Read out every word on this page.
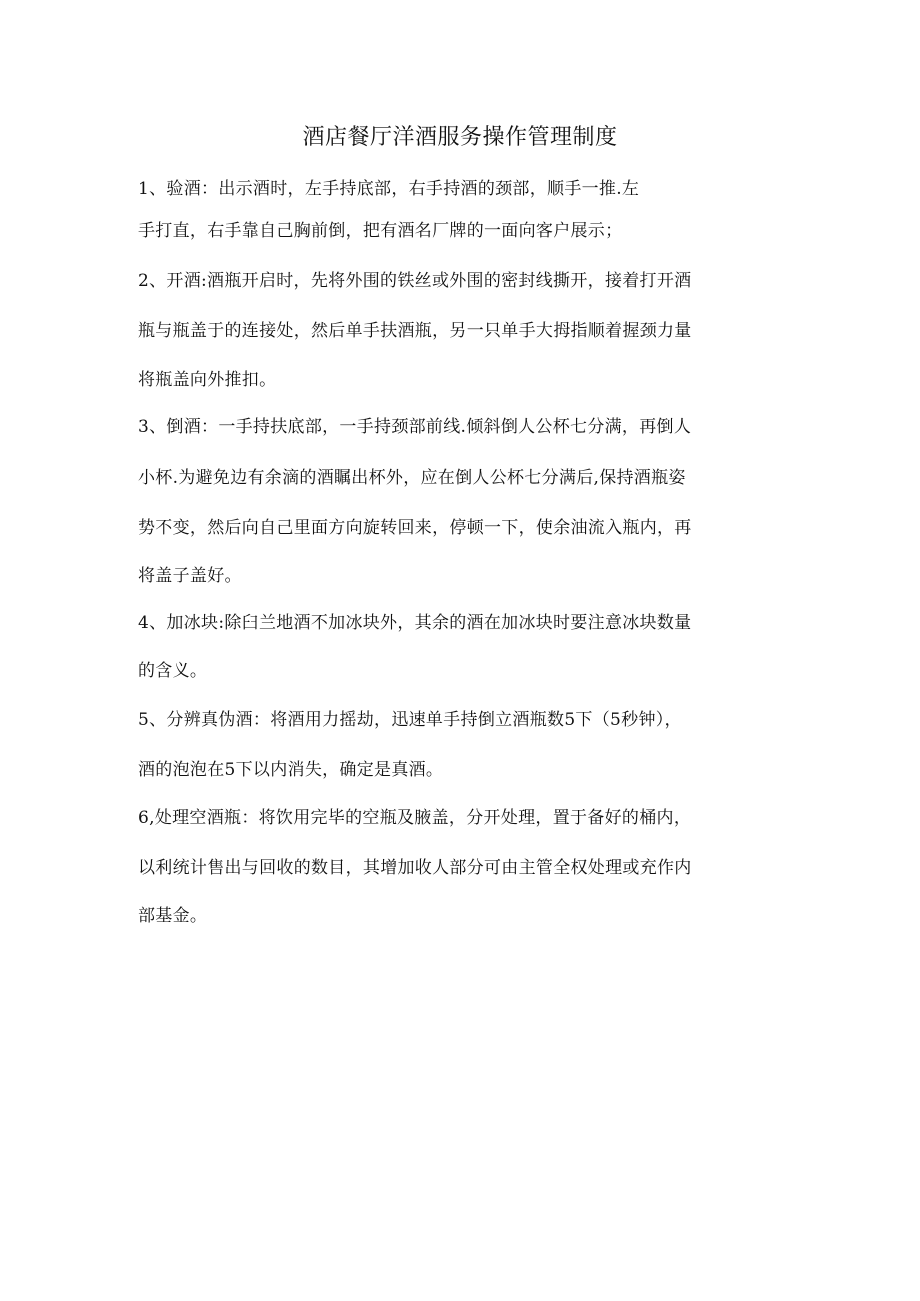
酒店餐厅洋酒服务操作管理制度
1、验酒：出示酒时，左手持底部，右手持酒的颈部，顺手一推.左
手打直，右手靠自己胸前倒，把有酒名厂牌的一面向客户展示；
2、开酒:酒瓶开启时，先将外围的铁丝或外围的密封线撕开，接着打开酒
瓶与瓶盖于的连接处，然后单手扶酒瓶，另一只单手大拇指顺着握颈力量
将瓶盖向外推扣。
3、倒酒：一手持扶底部，一手持颈部前线.倾斜倒人公杯七分满，再倒人
小杯.为避免边有余滴的酒瞩出杯外，应在倒人公杯七分满后,保持酒瓶姿
势不变，然后向自己里面方向旋转回来，停顿一下，使余油流入瓶内，再
将盖子盖好。
4、加冰块:除臼兰地酒不加冰块外，其余的酒在加冰块时要注意冰块数量
的含义。
5、分辨真伪酒：将酒用力摇劫，迅速单手持倒立酒瓶数5下（5秒钟），
酒的泡泡在5下以内消失，确定是真酒。
6,处理空酒瓶：将饮用完毕的空瓶及腋盖，分开处理，置于备好的桶内，
以利统计售出与回收的数目，其增加收人部分可由主管全权处理或充作内
部基金。
